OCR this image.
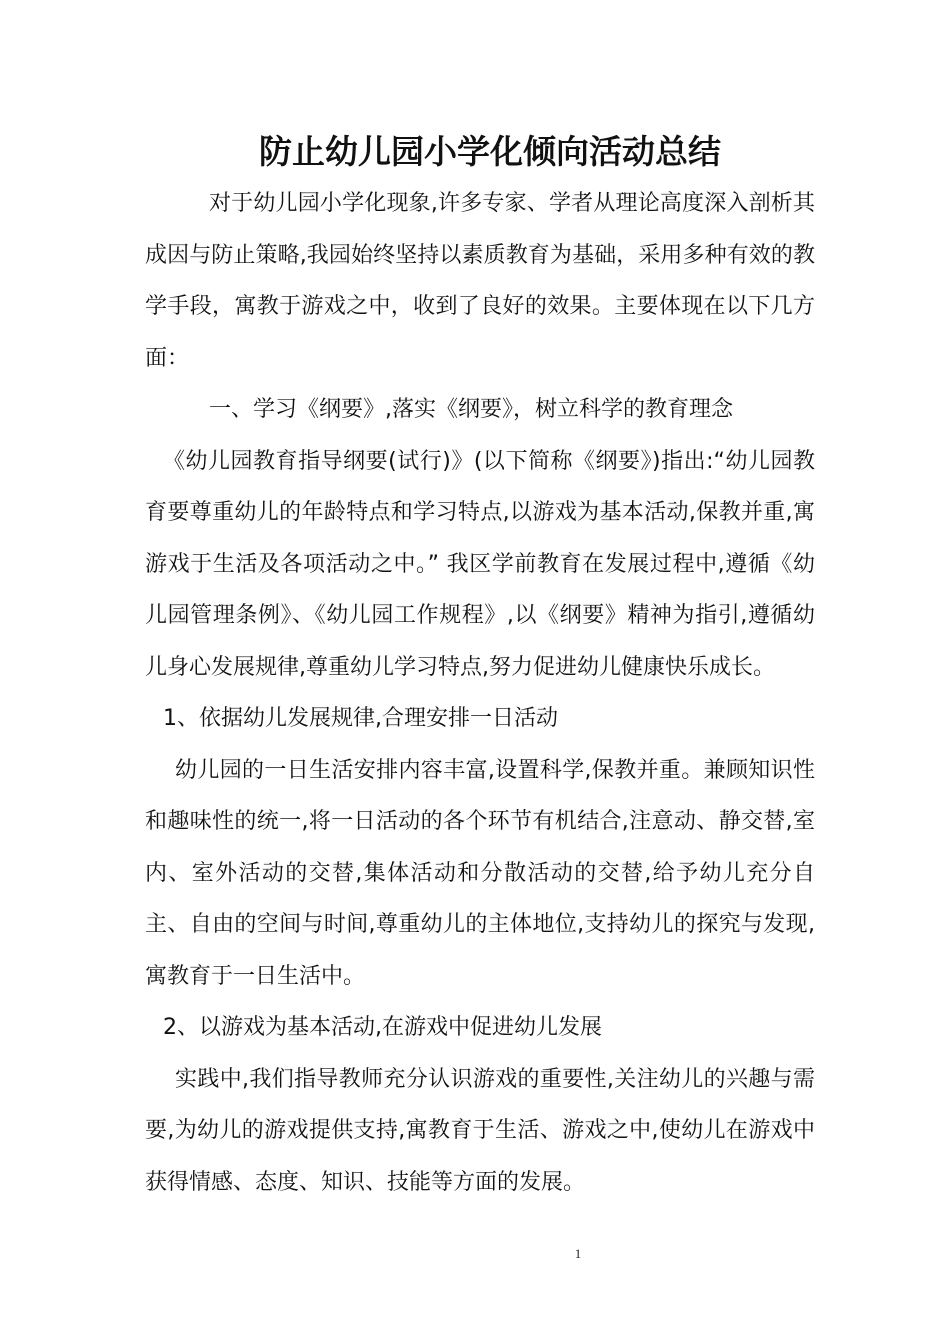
防止幼儿园小学化倾向活动总结

对于幼儿园小学化现象,许多专家、学者从理论高度深入剖析其成因与防止策略,我园始终坚持以素质教育为基础，采用多种有效的教学手段，寓教于游戏之中，收到了良好的效果。主要体现在以下几方面：

一、学习《纲要》,落实《纲要》，树立科学的教育理念

《幼儿园教育指导纲要(试行)》(以下简称《纲要》)指出:“幼儿园教育要尊重幼儿的年龄特点和学习特点,以游戏为基本活动,保教并重,寓游戏于生活及各项活动之中。” 我区学前教育在发展过程中,遵循《幼儿园管理条例》、《幼儿园工作规程》,以《纲要》精神为指引,遵循幼儿身心发展规律,尊重幼儿学习特点,努力促进幼儿健康快乐成长。

1、依据幼儿发展规律,合理安排一日活动

幼儿园的一日生活安排内容丰富,设置科学,保教并重。兼顾知识性和趣味性的统一,将一日活动的各个环节有机结合,注意动、静交替,室内、室外活动的交替,集体活动和分散活动的交替,给予幼儿充分自主、自由的空间与时间,尊重幼儿的主体地位,支持幼儿的探究与发现,寓教育于一日生活中。

2、以游戏为基本活动,在游戏中促进幼儿发展

实践中,我们指导教师充分认识游戏的重要性,关注幼儿的兴趣与需要,为幼儿的游戏提供支持,寓教育于生活、游戏之中,使幼儿在游戏中获得情感、态度、知识、技能等方面的发展。

1
